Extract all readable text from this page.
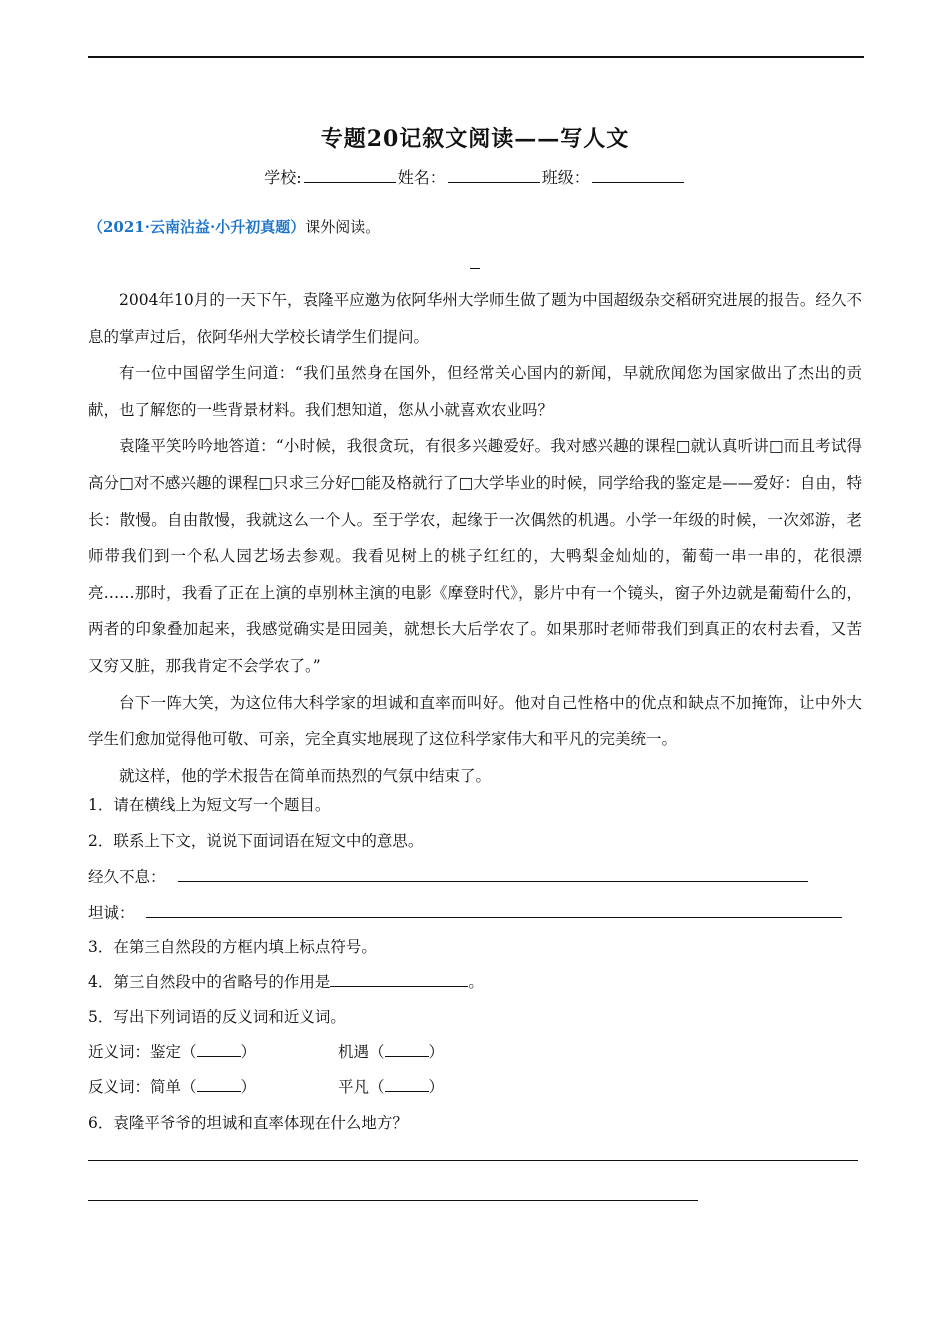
专题20记叙文阅读——写人文
学校:	姓名：	班级：
（2021·云南沾益·小升初真题）课外阅读。

2004年10月的一天下午，袁隆平应邀为依阿华州大学师生做了题为中国超级杂交稻研究进展的报告。经久不息的掌声过后，依阿华州大学校长请学生们提问。

有一位中国留学生问道：“我们虽然身在国外，但经常关心国内的新闻，早就欣闻您为国家做出了杰出的贡献，也了解您的一些背景材料。我们想知道，您从小就喜欢农业吗？

袁隆平笑吟吟地答道：“小时候，我很贪玩，有很多兴趣爱好。我对感兴趣的课程□就认真听讲□而且考试得高分□对不感兴趣的课程□只求三分好□能及格就行了□大学毕业的时候，同学给我的鉴定是——爱好：自由，特长：散慢。自由散慢，我就这么一个人。至于学农，起缘于一次偶然的机遇。小学一年级的时候，一次郊游，老师带我们到一个私人园艺场去参观。我看见树上的桃子红红的，大鸭梨金灿灿的，葡萄一串一串的，花很漂亮……那时，我看了正在上演的卓别林主演的电影《摩登时代》，影片中有一个镜头，窗子外边就是葡萄什么的，两者的印象叠加起来，我感觉确实是田园美，就想长大后学农了。如果那时老师带我们到真正的农村去看，又苦又穷又脏，那我肯定不会学农了。”

台下一阵大笑，为这位伟大科学家的坦诚和直率而叫好。他对自己性格中的优点和缺点不加掩饰，让中外大学生们愈加觉得他可敬、可亲，完全真实地展现了这位科学家伟大和平凡的完美统一。

就这样，他的学术报告在简单而热烈的气氛中结束了。

1．请在横线上为短文写一个题目。
2．联系上下文，说说下面词语在短文中的意思。
经久不息：
坦诚：
3．在第三自然段的方框内填上标点符号。
4．第三自然段中的省略号的作用是	。
5．写出下列词语的反义词和近义词。
近义词：鉴定（	）	机遇（	）
反义词：简单（	）	平凡（	）
6．袁隆平爷爷的坦诚和直率体现在什么地方？
